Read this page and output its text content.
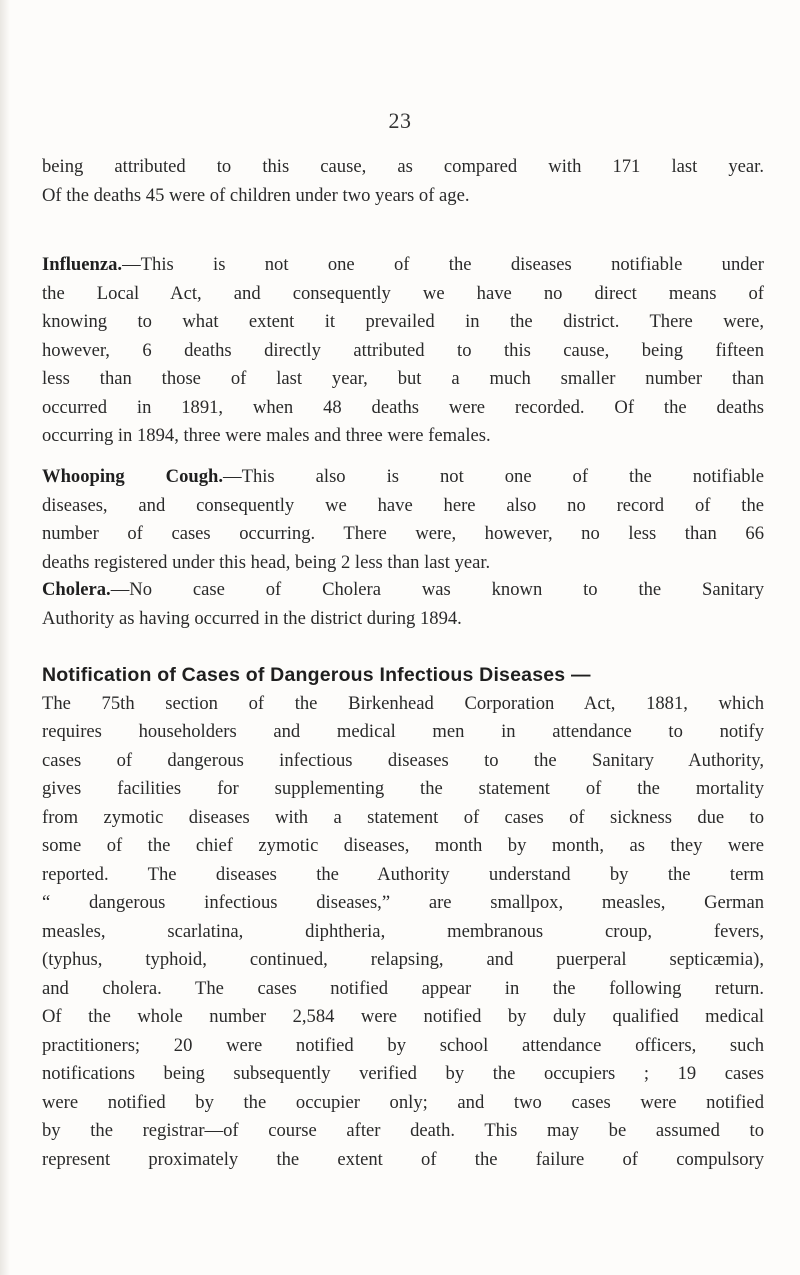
23
being attributed to this cause, as compared with 171 last year.
Of the deaths 45 were of children under two years of age.
Influenza.—This is not one of the diseases notifiable under
the Local Act, and consequently we have no direct means of
knowing to what extent it prevailed in the district. There were,
however, 6 deaths directly attributed to this cause, being fifteen
less than those of last year, but a much smaller number than
occurred in 1891, when 48 deaths were recorded. Of the deaths
occurring in 1894, three were males and three were females.
Whooping Cough.—This also is not one of the notifiable
diseases, and consequently we have here also no record of the
number of cases occurring. There were, however, no less than 66
deaths registered under this head, being 2 less than last year.
Cholera.—No case of Cholera was known to the Sanitary
Authority as having occurred in the district during 1894.
Notification of Cases of Dangerous Infectious Diseases —
The 75th section of the Birkenhead Corporation Act, 1881, which
requires householders and medical men in attendance to notify
cases of dangerous infectious diseases to the Sanitary Authority,
gives facilities for supplementing the statement of the mortality
from zymotic diseases with a statement of cases of sickness due to
some of the chief zymotic diseases, month by month, as they were
reported. The diseases the Authority understand by the term
“ dangerous infectious diseases,” are smallpox, measles, German
measles, scarlatina, diphtheria, membranous croup, fevers,
(typhus, typhoid, continued, relapsing, and puerperal septicæmia),
and cholera. The cases notified appear in the following return.
Of the whole number 2,584 were notified by duly qualified medical
practitioners; 20 were notified by school attendance officers, such
notifications being subsequently verified by the occupiers ; 19 cases
were notified by the occupier only; and two cases were notified
by the registrar—of course after death. This may be assumed to
represent proximately the extent of the failure of compulsory
